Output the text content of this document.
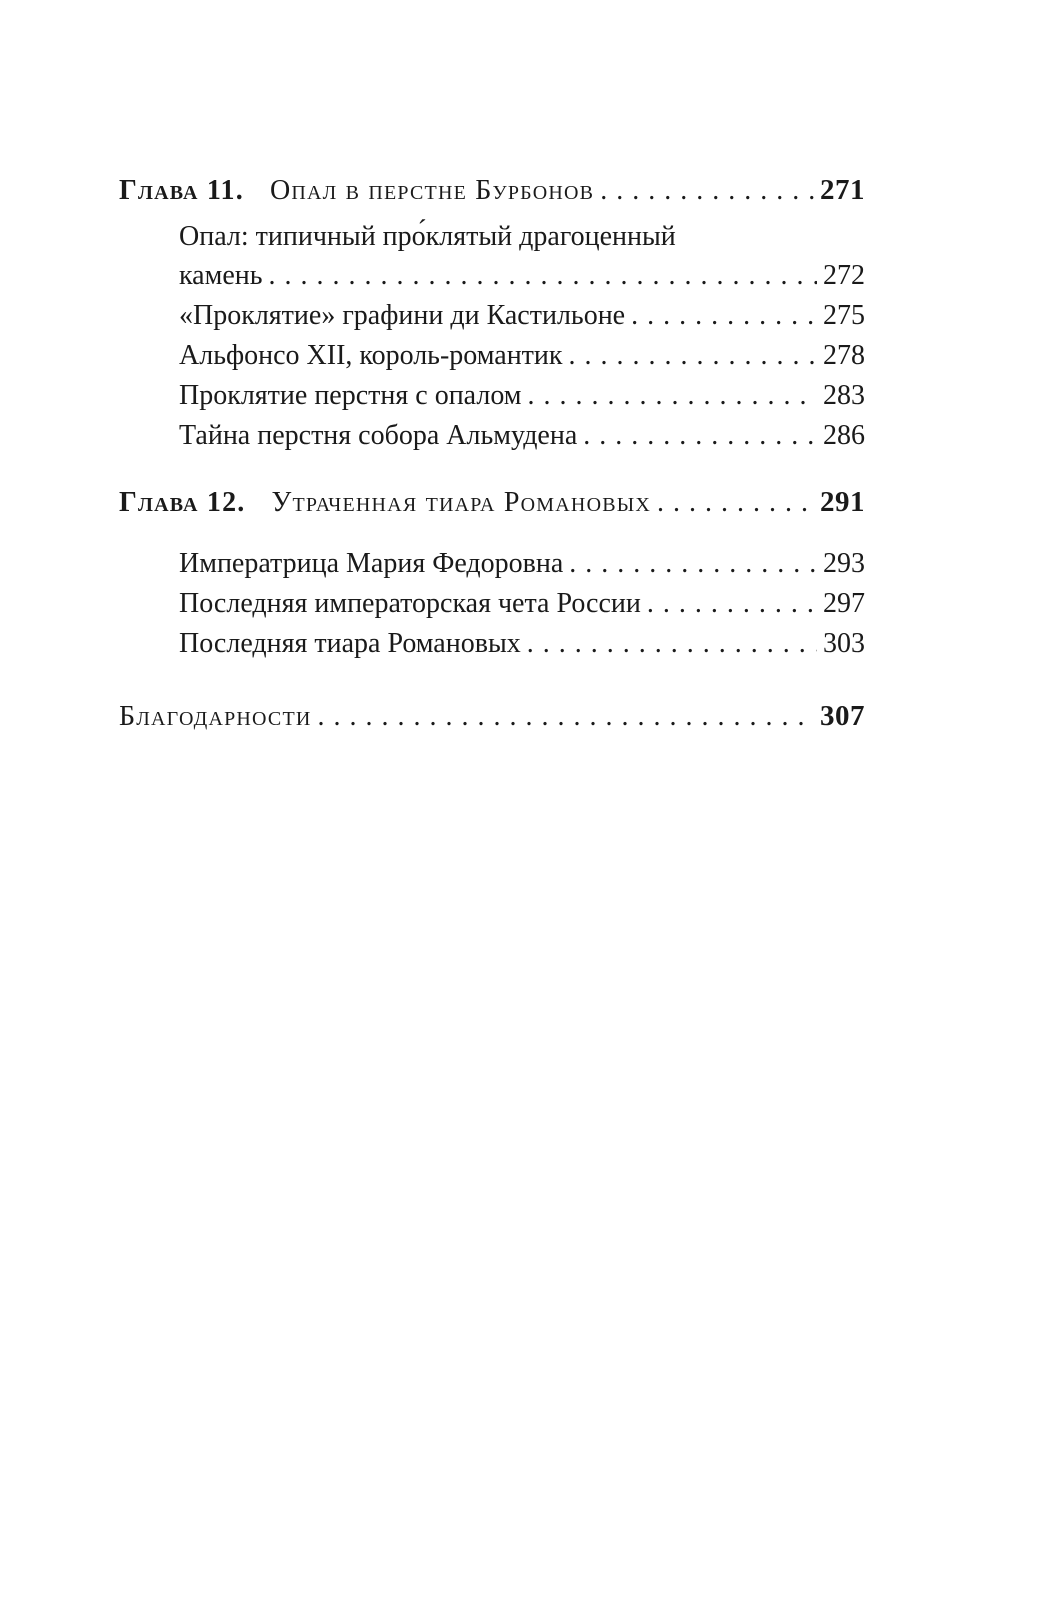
Глава 11. Опал в перстне Бурбонов . . .	271
Опал: типичный про́клятый драгоценный
камень . . .	272
«Проклятие» графини ди Кастильоне . . .	275
Альфонсо XII, король-романтик . . .	278
Проклятие перстня с опалом . . .	283
Тайна перстня собора Альмудена . . .	286
Глава 12. Утраченная тиара Романовых . . .	291
Императрица Мария Федоровна . . .	293
Последняя императорская чета России . . .	297
Последняя тиара Романовых . . .	303
Благодарности . . .	307
